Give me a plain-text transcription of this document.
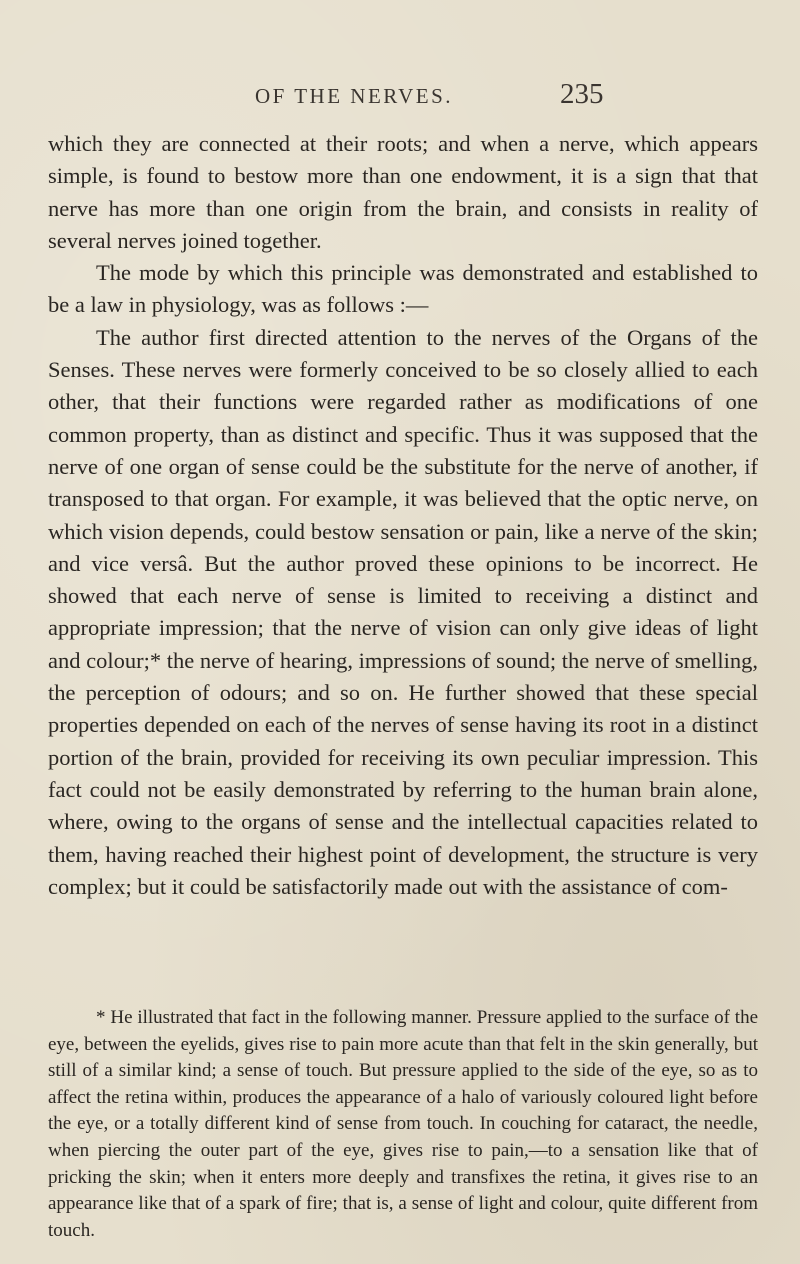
OF THE NERVES.	235

which they are connected at their roots; and when a nerve, which appears simple, is found to bestow more than one endowment, it is a sign that that nerve has more than one origin from the brain, and consists in reality of several nerves joined together.

The mode by which this principle was demonstrated and established to be a law in physiology, was as follows :—

The author first directed attention to the nerves of the Organs of the Senses. These nerves were formerly conceived to be so closely allied to each other, that their functions were regarded rather as modifications of one common property, than as distinct and specific. Thus it was supposed that the nerve of one organ of sense could be the substitute for the nerve of another, if transposed to that organ. For example, it was believed that the optic nerve, on which vision depends, could bestow sensation or pain, like a nerve of the skin; and vice versâ. But the author proved these opinions to be incorrect. He showed that each nerve of sense is limited to receiving a distinct and appropriate impression; that the nerve of vision can only give ideas of light and colour;* the nerve of hearing, impressions of sound; the nerve of smelling, the perception of odours; and so on. He further showed that these special properties depended on each of the nerves of sense having its root in a distinct portion of the brain, provided for receiving its own peculiar impression. This fact could not be easily demonstrated by referring to the human brain alone, where, owing to the organs of sense and the intellectual capacities related to them, having reached their highest point of development, the structure is very complex; but it could be satisfactorily made out with the assistance of com-

* He illustrated that fact in the following manner. Pressure applied to the surface of the eye, between the eyelids, gives rise to pain more acute than that felt in the skin generally, but still of a similar kind; a sense of touch. But pressure applied to the side of the eye, so as to affect the retina within, produces the appearance of a halo of variously coloured light before the eye, or a totally different kind of sense from touch. In couching for cataract, the needle, when piercing the outer part of the eye, gives rise to pain,—to a sensation like that of pricking the skin; when it enters more deeply and transfixes the retina, it gives rise to an appearance like that of a spark of fire; that is, a sense of light and colour, quite different from touch.
